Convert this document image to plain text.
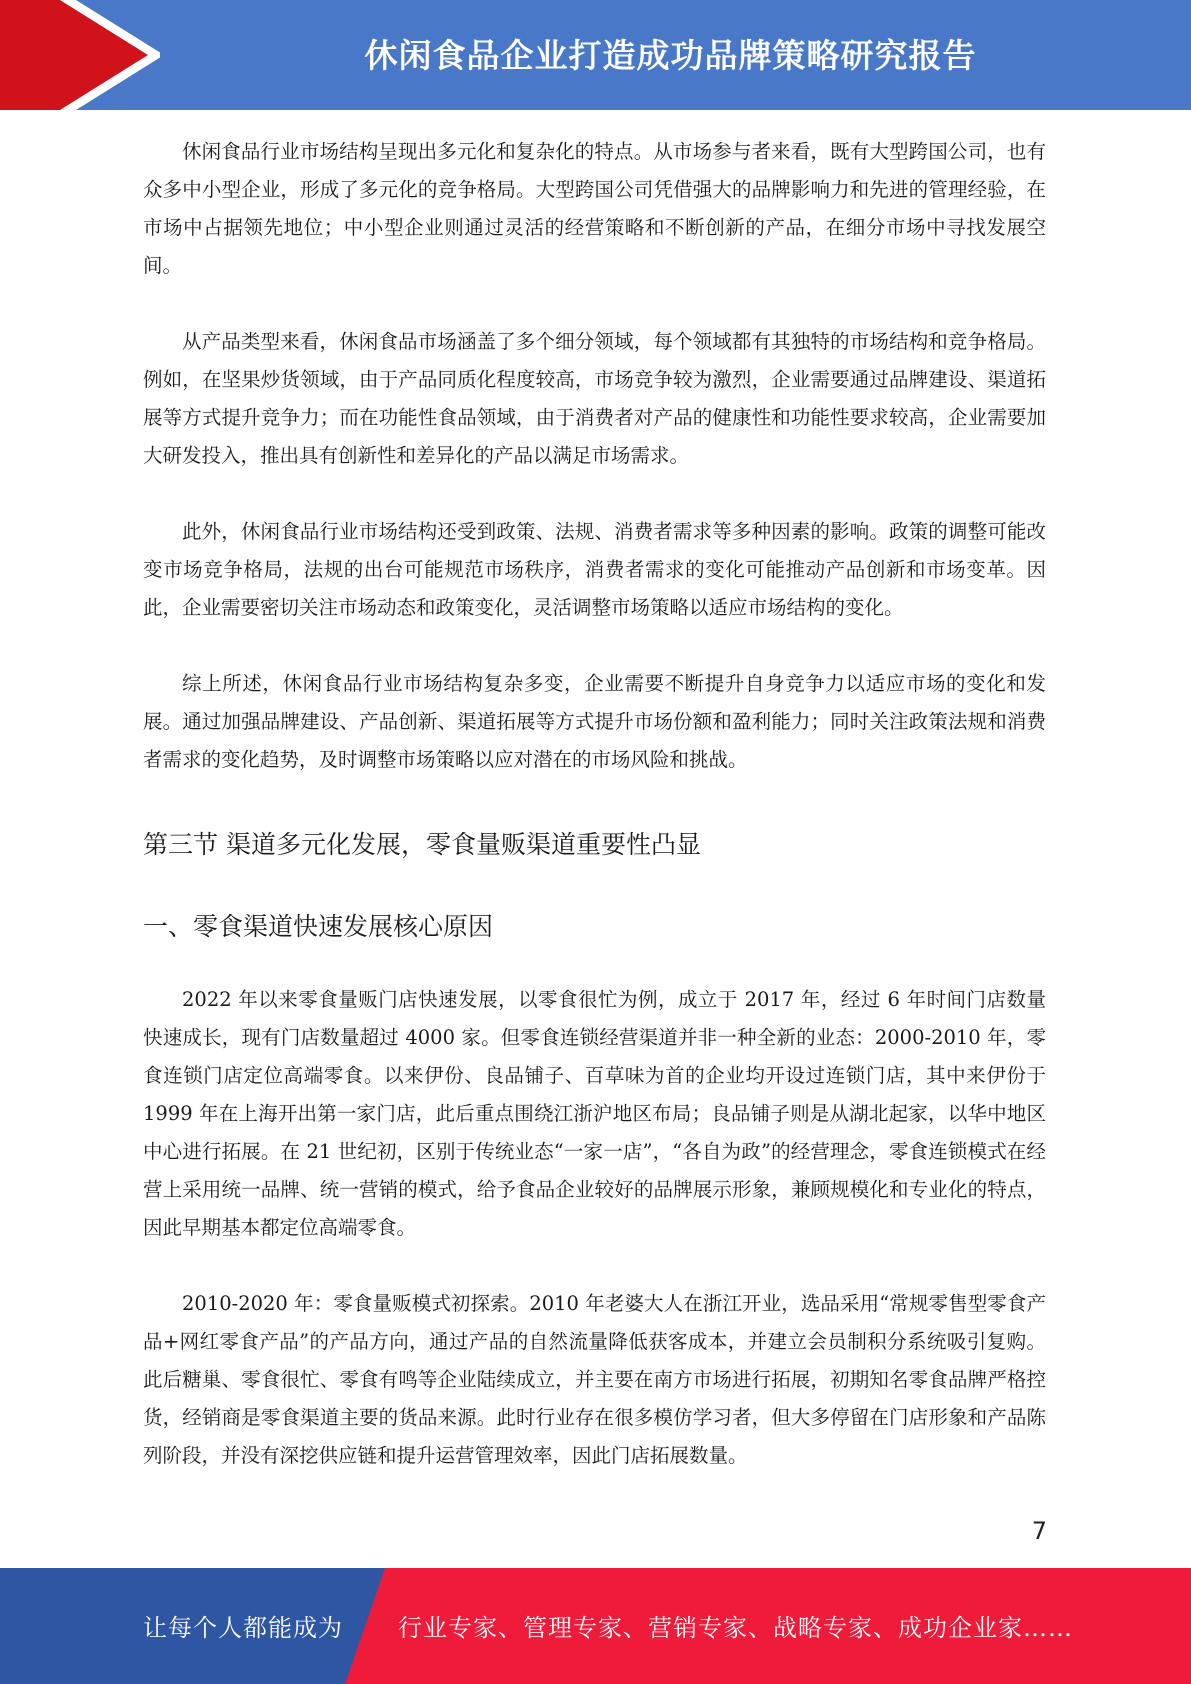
休闲食品企业打造成功品牌策略研究报告

休闲食品行业市场结构呈现出多元化和复杂化的特点。从市场参与者来看，既有大型跨国公司，也有众多中小型企业，形成了多元化的竞争格局。大型跨国公司凭借强大的品牌影响力和先进的管理经验，在市场中占据领先地位；中小型企业则通过灵活的经营策略和不断创新的产品，在细分市场中寻找发展空间。

从产品类型来看，休闲食品市场涵盖了多个细分领域，每个领域都有其独特的市场结构和竞争格局。例如，在坚果炒货领域，由于产品同质化程度较高，市场竞争较为激烈，企业需要通过品牌建设、渠道拓展等方式提升竞争力；而在功能性食品领域，由于消费者对产品的健康性和功能性要求较高，企业需要加大研发投入，推出具有创新性和差异化的产品以满足市场需求。

此外，休闲食品行业市场结构还受到政策、法规、消费者需求等多种因素的影响。政策的调整可能改变市场竞争格局，法规的出台可能规范市场秩序，消费者需求的变化可能推动产品创新和市场变革。因此，企业需要密切关注市场动态和政策变化，灵活调整市场策略以适应市场结构的变化。

综上所述，休闲食品行业市场结构复杂多变，企业需要不断提升自身竞争力以适应市场的变化和发展。通过加强品牌建设、产品创新、渠道拓展等方式提升市场份额和盈利能力；同时关注政策法规和消费者需求的变化趋势，及时调整市场策略以应对潜在的市场风险和挑战。

第三节 渠道多元化发展，零食量贩渠道重要性凸显
一、零食渠道快速发展核心原因

2022 年以来零食量贩门店快速发展，以零食很忙为例，成立于 2017 年，经过 6 年时间门店数量快速成长，现有门店数量超过 4000 家。但零食连锁经营渠道并非一种全新的业态：2000-2010 年，零食连锁门店定位高端零食。以来伊份、良品铺子、百草味为首的企业均开设过连锁门店，其中来伊份于 1999 年在上海开出第一家门店，此后重点围绕江浙沪地区布局；良品铺子则是从湖北起家，以华中地区中心进行拓展。在 21 世纪初，区别于传统业态“一家一店”，“各自为政”的经营理念，零食连锁模式在经营上采用统一品牌、统一营销的模式，给予食品企业较好的品牌展示形象，兼顾规模化和专业化的特点，因此早期基本都定位高端零食。

2010-2020 年：零食量贩模式初探索。2010 年老婆大人在浙江开业，选品采用“常规零售型零食产品+网红零食产品”的产品方向，通过产品的自然流量降低获客成本，并建立会员制积分系统吸引复购。此后糖巢、零食很忙、零食有鸣等企业陆续成立，并主要在南方市场进行拓展，初期知名零食品牌严格控货，经销商是零食渠道主要的货品来源。此时行业存在很多模仿学习者，但大多停留在门店形象和产品陈列阶段，并没有深挖供应链和提升运营管理效率，因此门店拓展数量。

7
让每个人都能成为 行业专家、管理专家、营销专家、战略专家、成功企业家……
